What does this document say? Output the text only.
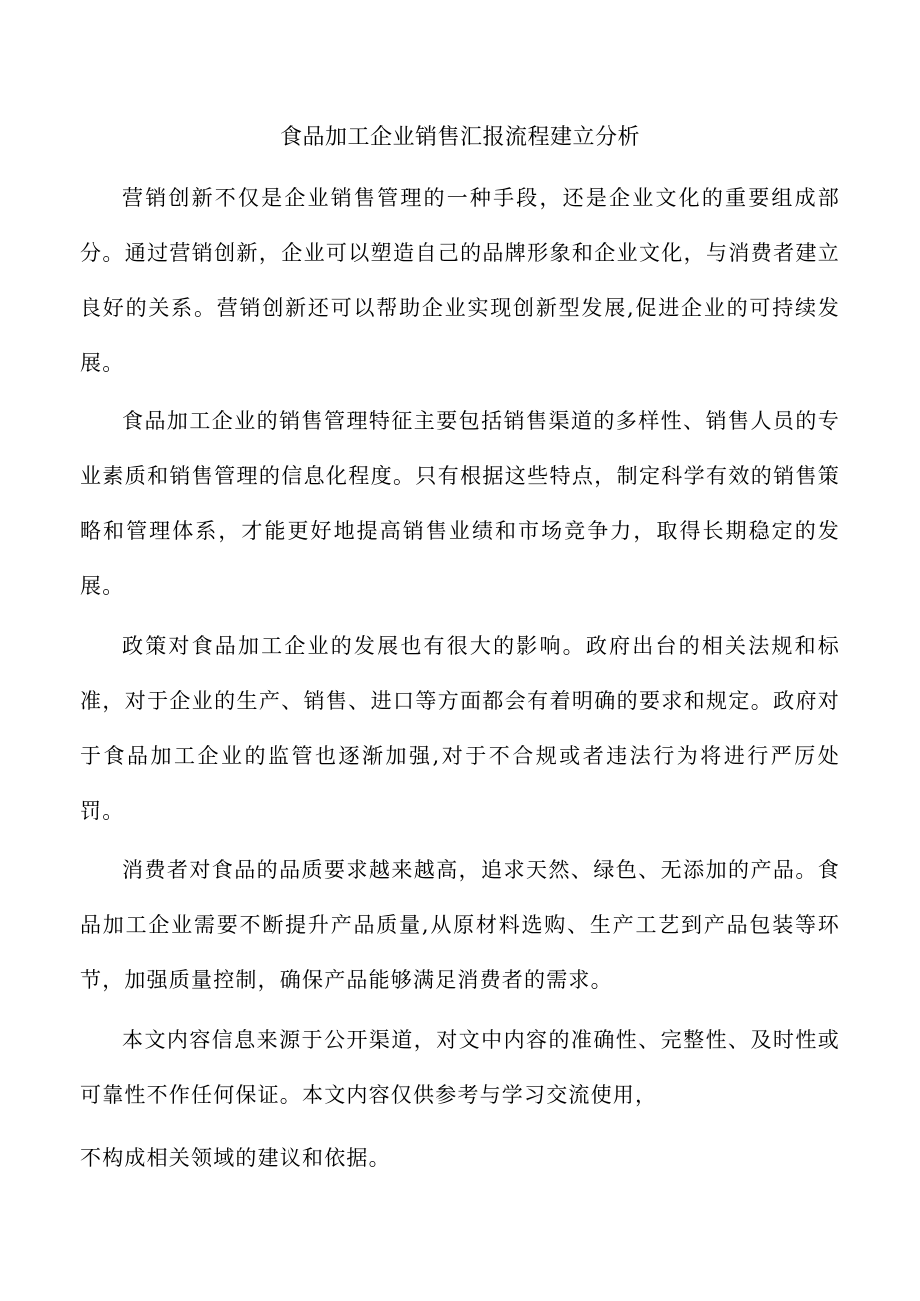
食品加工企业销售汇报流程建立分析

营销创新不仅是企业销售管理的一种手段，还是企业文化的重要组成部分。通过营销创新，企业可以塑造自己的品牌形象和企业文化，与消费者建立良好的关系。营销创新还可以帮助企业实现创新型发展,促进企业的可持续发展。

食品加工企业的销售管理特征主要包括销售渠道的多样性、销售人员的专业素质和销售管理的信息化程度。只有根据这些特点，制定科学有效的销售策略和管理体系，才能更好地提高销售业绩和市场竞争力，取得长期稳定的发展。

政策对食品加工企业的发展也有很大的影响。政府出台的相关法规和标准，对于企业的生产、销售、进口等方面都会有着明确的要求和规定。政府对于食品加工企业的监管也逐渐加强,对于不合规或者违法行为将进行严厉处罚。

消费者对食品的品质要求越来越高，追求天然、绿色、无添加的产品。食品加工企业需要不断提升产品质量,从原材料选购、生产工艺到产品包装等环节，加强质量控制，确保产品能够满足消费者的需求。

本文内容信息来源于公开渠道，对文中内容的准确性、完整性、及时性或可靠性不作任何保证。本文内容仅供参考与学习交流使用，

不构成相关领域的建议和依据。
